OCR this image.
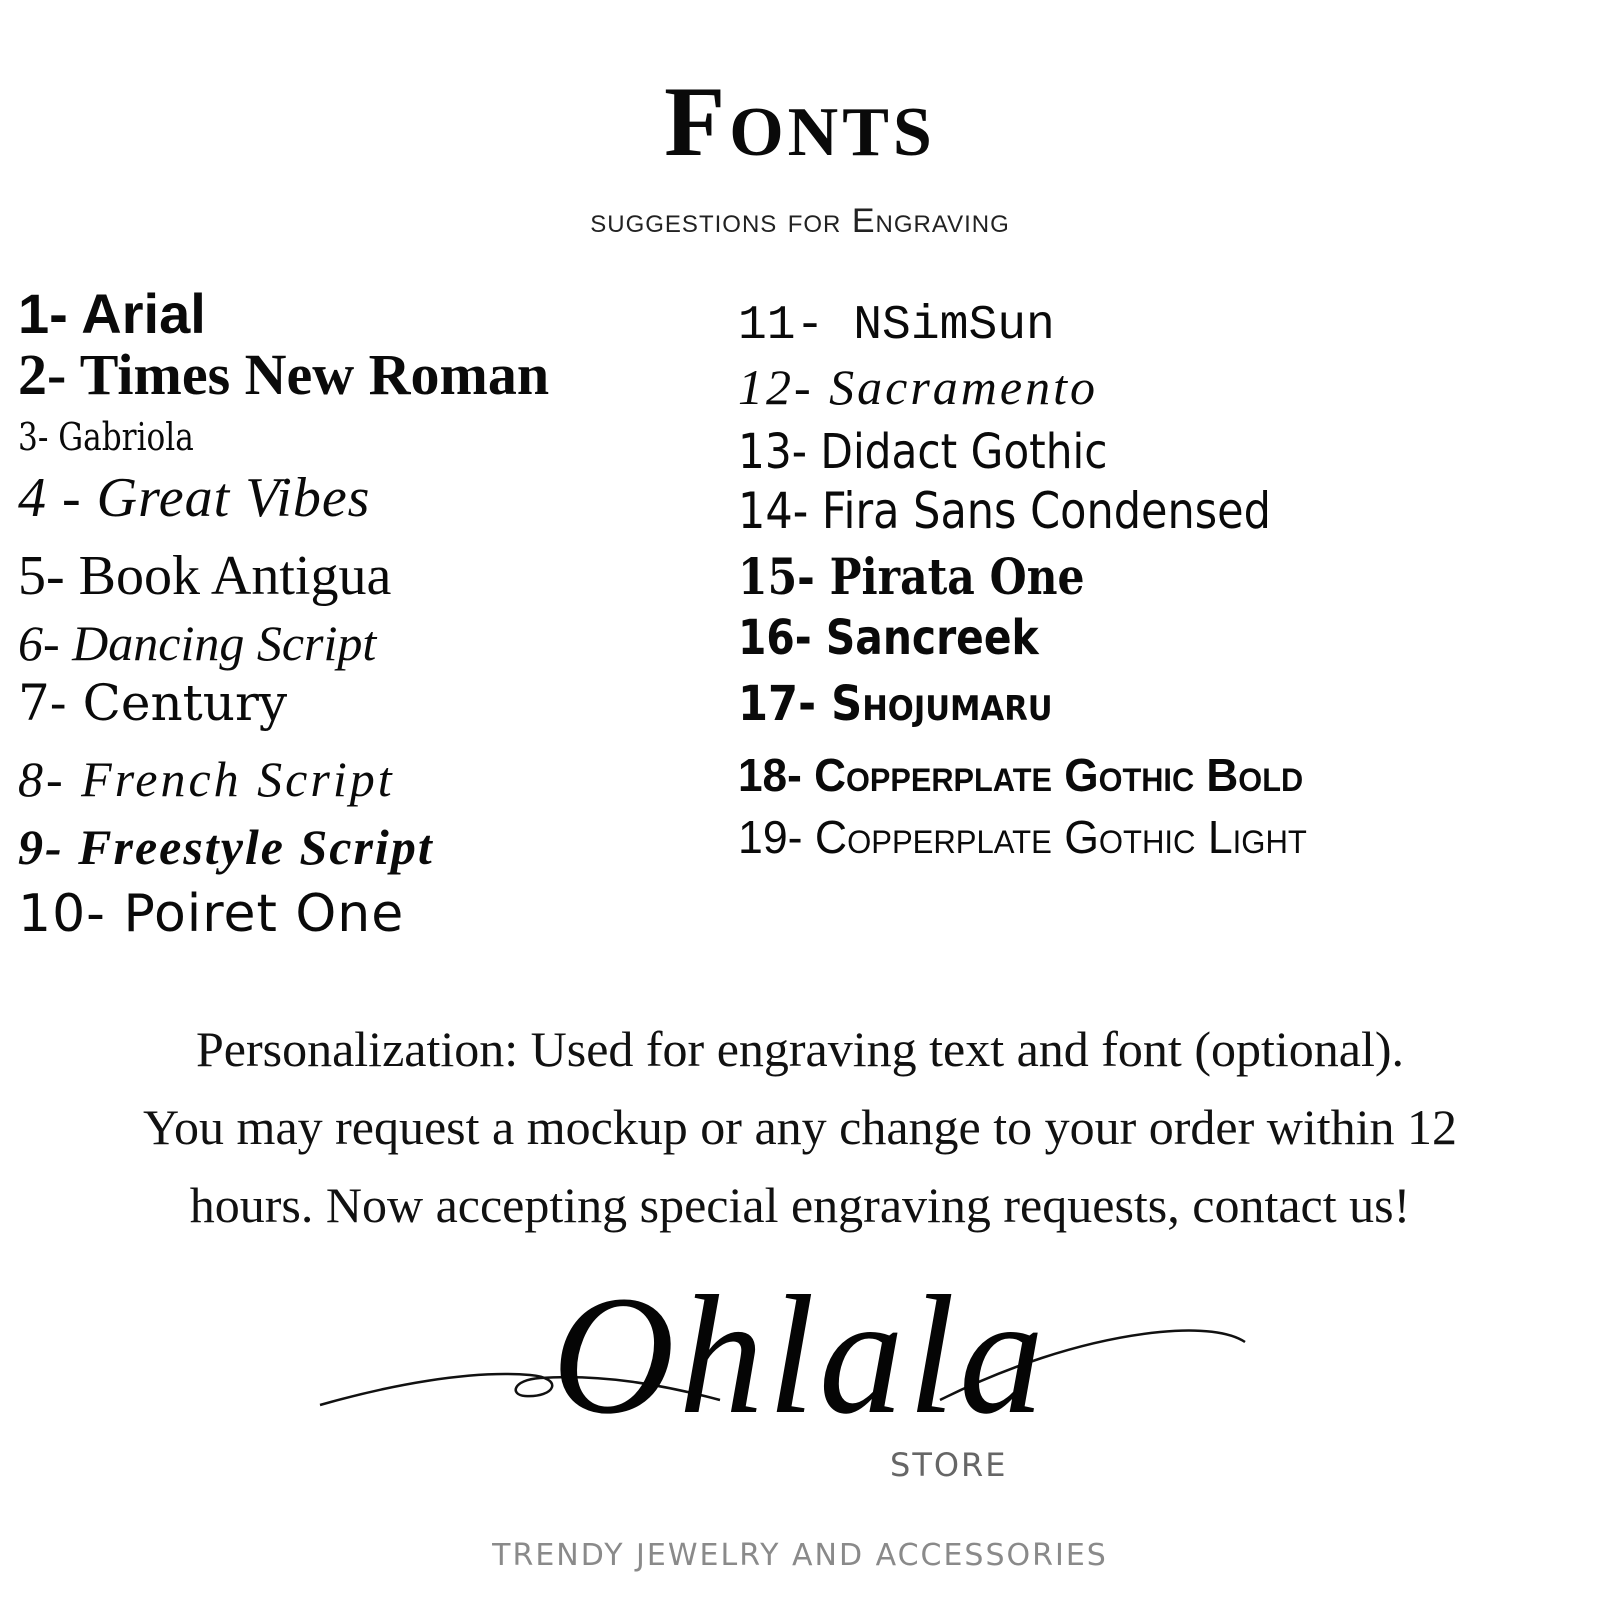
Fonts
suggestions for Engraving
1- Arial
2- Times New Roman
3- Gabriola
4 - Great Vibes
5- Book Antigua
6- Dancing Script
7- Century
8- French Script
9- Freestyle Script
10- Poiret One
11- NSimSun
12- Sacramento
13- Didact Gothic
14- Fira Sans Condensed
15- Pirata One
16- Sancreek
17- Shojumaru
18- Copperplate Gothic Bold
19- Copperplate Gothic Light

Personalization: Used for engraving text and font (optional).

You may request a mockup or any change to your order within 12

hours. Now accepting special engraving requests, contact us!

Ohlala
STORE
TRENDY JEWELRY AND ACCESSORIES
